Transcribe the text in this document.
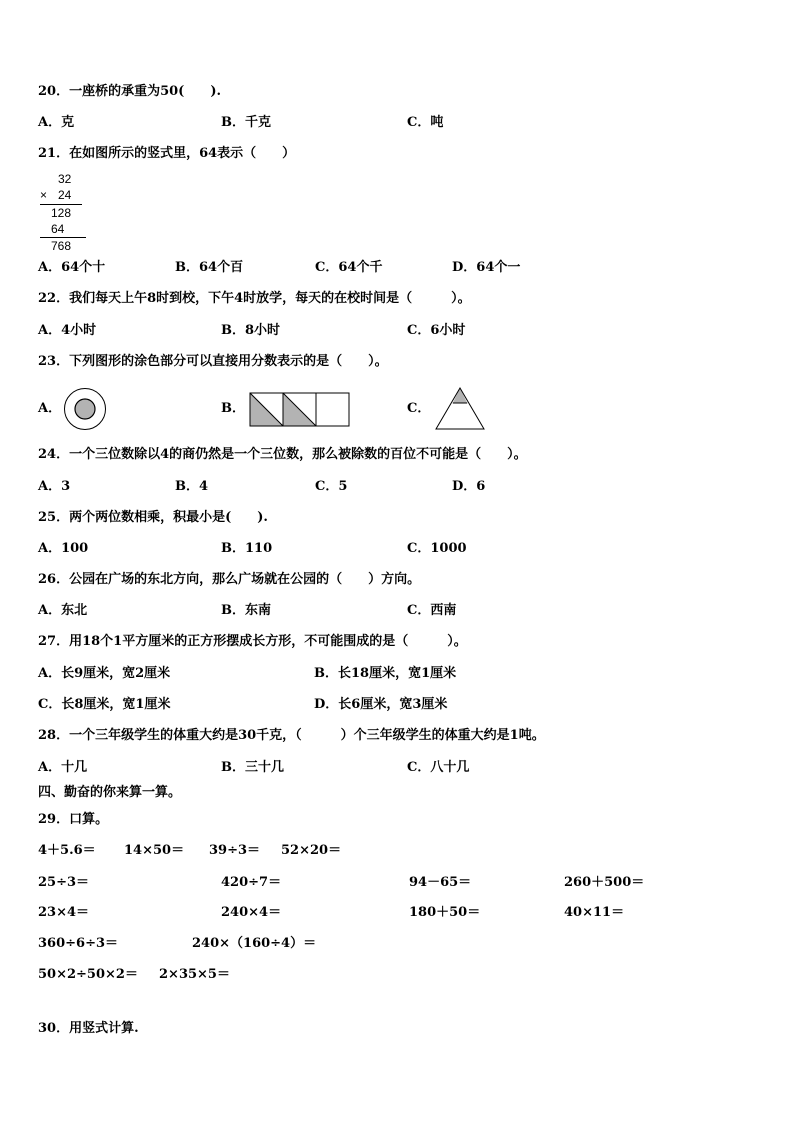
20．一座桥的承重为50(　　).
A．克	B．千克	C．吨
21．在如图所示的竖式里，64表示（　　）
32
× 24
128
64
768
A．64个十	B．64个百	C．64个千	D．64个一
22．我们每天上午8时到校，下午4时放学，每天的在校时间是（　　　）。
A．4小时	B．8小时	C．6小时
23．下列图形的涂色部分可以直接用分数表示的是（　　）。
A．	B．	C．
24．一个三位数除以4的商仍然是一个三位数，那么被除数的百位不可能是（　　）。
A．3	B．4	C．5	D．6
25．两个两位数相乘，积最小是(　　).
A．100	B．110	C．1000
26．公园在广场的东北方向，那么广场就在公园的（　　）方向。
A．东北	B．东南	C．西南
27．用18个1平方厘米的正方形摆成长方形，不可能围成的是（　　　）。
A．长9厘米，宽2厘米	B．长18厘米，宽1厘米
C．长8厘米，宽1厘米	D．长6厘米，宽3厘米
28．一个三年级学生的体重大约是30千克，（　　　）个三年级学生的体重大约是1吨。
A．十几	B．三十几	C．八十几
四、勤奋的你来算一算。
29．口算。
4＋5.6＝ 14×50＝ 39÷3＝ 52×20＝
25÷3＝	420÷7＝	94－65＝	260＋500＝
23×4＝	240×4＝	180＋50＝	40×11＝
360÷6÷3＝	240×（160÷4）＝
50×2÷50×2＝ 2×35×5＝
30．用竖式计算.
